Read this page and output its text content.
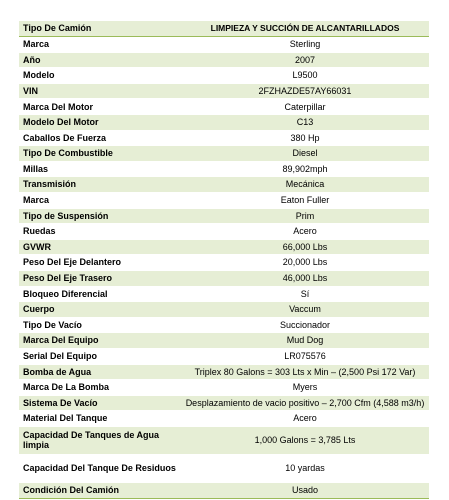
Tipo De Camión	LIMPIEZA Y SUCCIÓN DE ALCANTARILLADOS
Marca	Sterling
Año	2007
Modelo	L9500
VIN	2FZHAZDE57AY66031
Marca Del Motor	Caterpillar
Modelo Del Motor	C13
Caballos De Fuerza	380 Hp
Tipo De Combustible	Diesel
Millas	89,902mph
Transmisión	Mecánica
Marca	Eaton Fuller
Tipo de Suspensión	Prim
Ruedas	Acero
GVWR	66,000 Lbs
Peso Del Eje Delantero	20,000 Lbs
Peso Del Eje Trasero	46,000 Lbs
Bloqueo Diferencial	Sí
Cuerpo	Vaccum
Tipo De Vacío	Succionador
Marca Del Equipo	Mud Dog
Serial Del Equipo	LR075576
Bomba de Agua	Triplex 80 Galons = 303 Lts x Min – (2,500 Psi 172 Var)
Marca De La Bomba	Myers
Sistema De Vacío	Desplazamiento de vacio positivo – 2,700 Cfm (4,588 m3/h)
Material Del Tanque	Acero
Capacidad De Tanques de Agua limpia	1,000 Galons = 3,785 Lts
Capacidad Del Tanque De Residuos	10 yardas
Condición Del Camión	Usado
